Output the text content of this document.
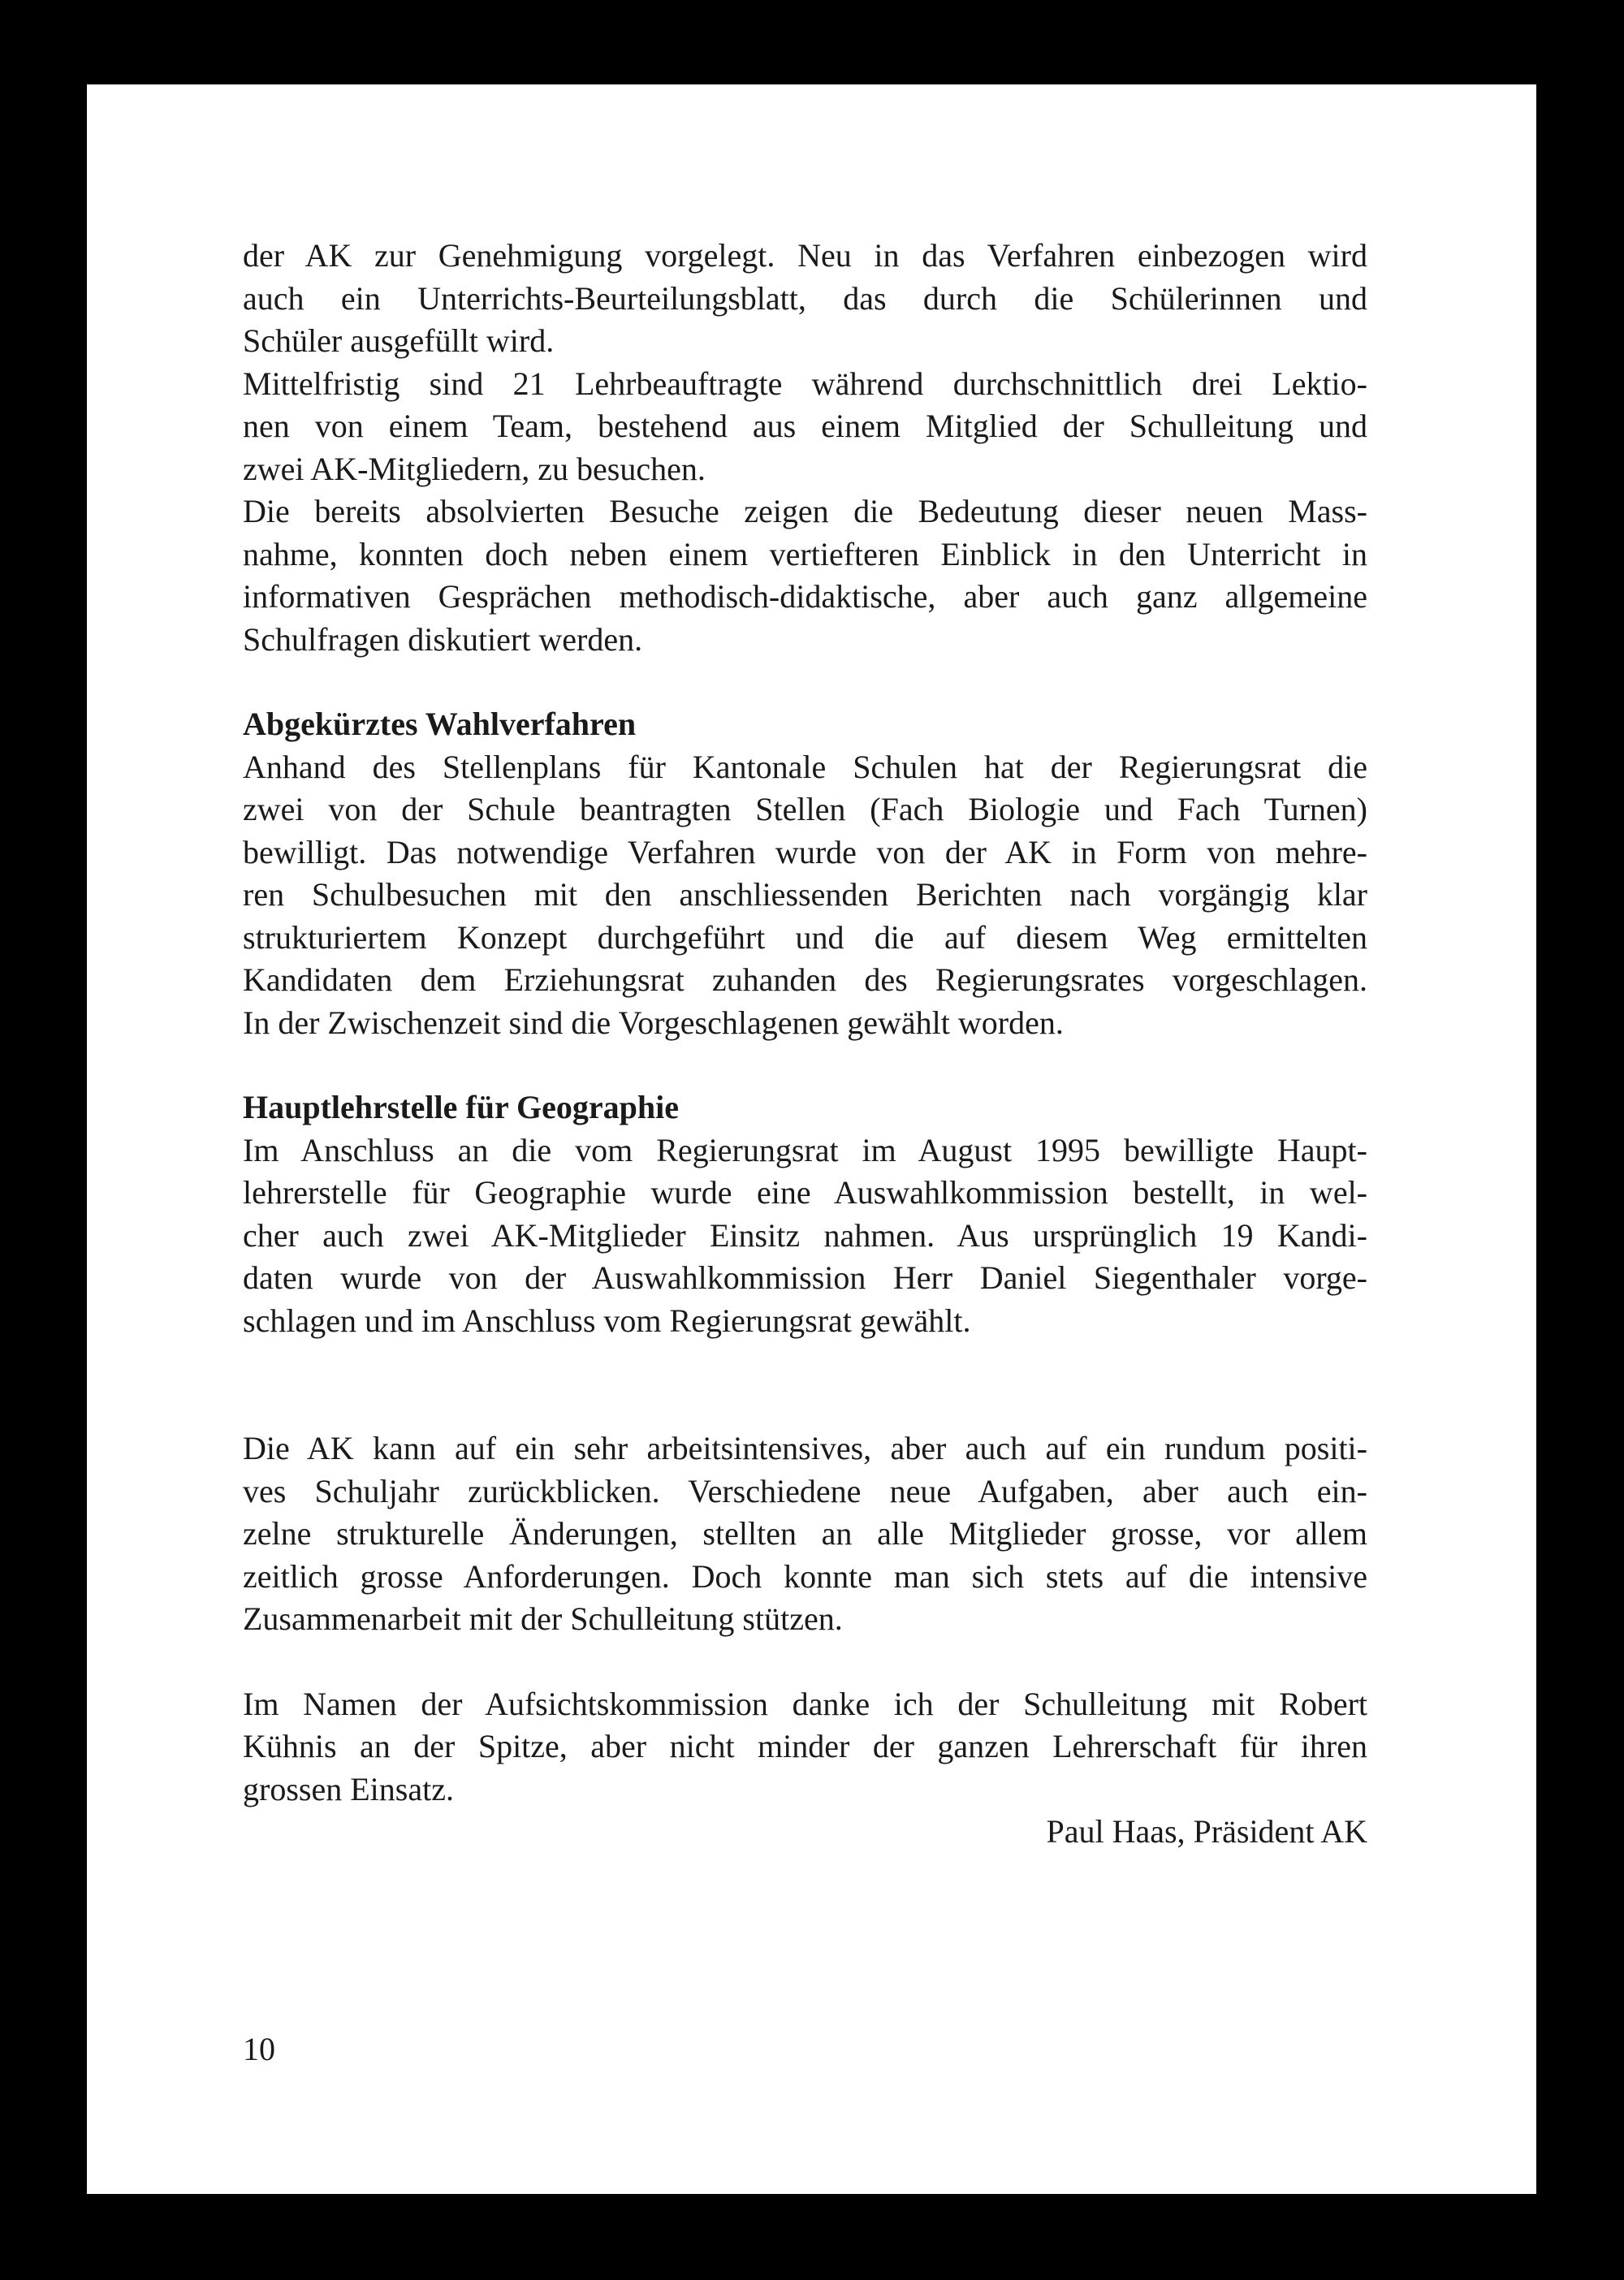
der AK zur Genehmigung vorgelegt. Neu in das Verfahren einbezogen wird
auch ein Unterrichts-Beurteilungsblatt, das durch die Schülerinnen und
Schüler ausgefüllt wird.
Mittelfristig sind 21 Lehrbeauftragte während durchschnittlich drei Lektio-
nen von einem Team, bestehend aus einem Mitglied der Schulleitung und
zwei AK-Mitgliedern, zu besuchen.
Die bereits absolvierten Besuche zeigen die Bedeutung dieser neuen Mass-
nahme, konnten doch neben einem vertiefteren Einblick in den Unterricht in
informativen Gesprächen methodisch-didaktische, aber auch ganz allgemeine
Schulfragen diskutiert werden.
Abgekürztes Wahlverfahren
Anhand des Stellenplans für Kantonale Schulen hat der Regierungsrat die
zwei von der Schule beantragten Stellen (Fach Biologie und Fach Turnen)
bewilligt. Das notwendige Verfahren wurde von der AK in Form von mehre-
ren Schulbesuchen mit den anschliessenden Berichten nach vorgängig klar
strukturiertem Konzept durchgeführt und die auf diesem Weg ermittelten
Kandidaten dem Erziehungsrat zuhanden des Regierungsrates vorgeschlagen.
In der Zwischenzeit sind die Vorgeschlagenen gewählt worden.
Hauptlehrstelle für Geographie
Im Anschluss an die vom Regierungsrat im August 1995 bewilligte Haupt-
lehrerstelle für Geographie wurde eine Auswahlkommission bestellt, in wel-
cher auch zwei AK-Mitglieder Einsitz nahmen. Aus ursprünglich 19 Kandi-
daten wurde von der Auswahlkommission Herr Daniel Siegenthaler vorge-
schlagen und im Anschluss vom Regierungsrat gewählt.
Die AK kann auf ein sehr arbeitsintensives, aber auch auf ein rundum positi-
ves Schuljahr zurückblicken. Verschiedene neue Aufgaben, aber auch ein-
zelne strukturelle Änderungen, stellten an alle Mitglieder grosse, vor allem
zeitlich grosse Anforderungen. Doch konnte man sich stets auf die intensive
Zusammenarbeit mit der Schulleitung stützen.
Im Namen der Aufsichtskommission danke ich der Schulleitung mit Robert
Kühnis an der Spitze, aber nicht minder der ganzen Lehrerschaft für ihren
grossen Einsatz.
Paul Haas, Präsident AK
10
